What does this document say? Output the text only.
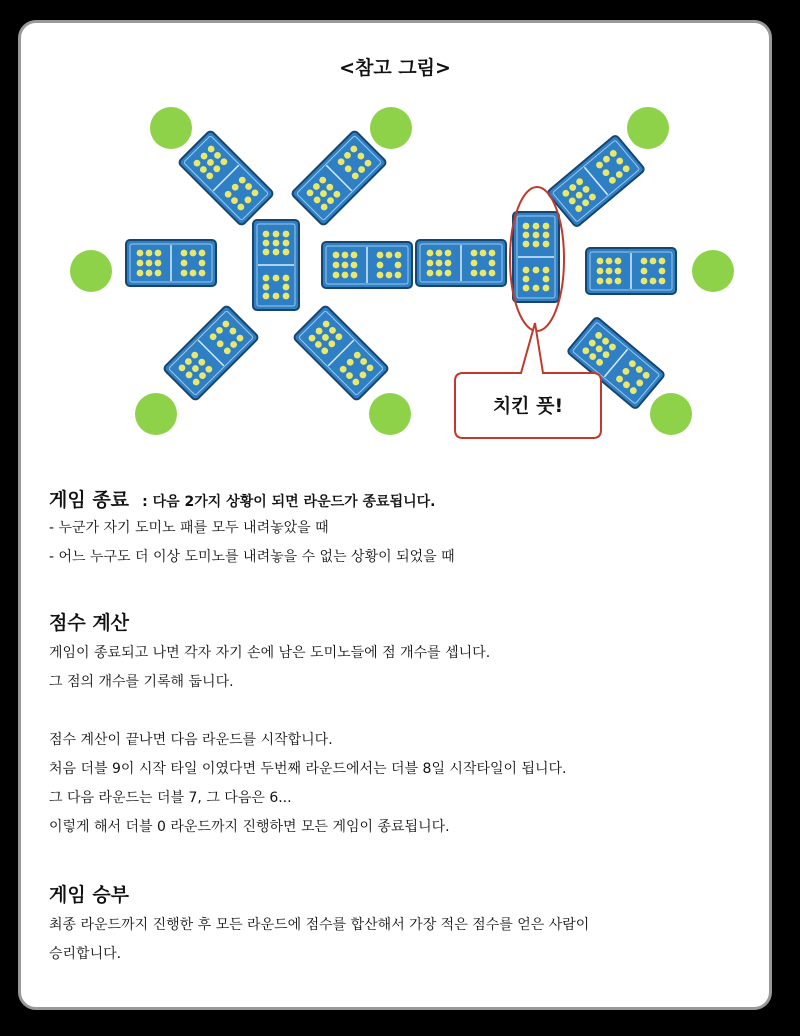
<참고 그림>
치킨 풋!
게임 종료 : 다음 2가지 상황이 되면 라운드가 종료됩니다.
- 누군가 자기 도미노 패를 모두 내려놓았을 때
- 어느 누구도 더 이상 도미노를 내려놓을 수 없는 상황이 되었을 때
점수 계산
게임이 종료되고 나면 각자 자기 손에 남은 도미노들에 점 개수를 셉니다.
그 점의 개수를 기록해 둡니다.
점수 계산이 끝나면 다음 라운드를 시작합니다.
처음 더블 9이 시작 타일 이였다면 두번째 라운드에서는 더블 8일 시작타일이 됩니다.
그 다음 라운드는 더블 7, 그 다음은 6...
이렇게 해서 더블 0 라운드까지 진행하면 모든 게임이 종료됩니다.
게임 승부
최종 라운드까지 진행한 후 모든 라운드에 점수를 합산해서 가장 적은 점수를 얻은 사람이
승리합니다.
